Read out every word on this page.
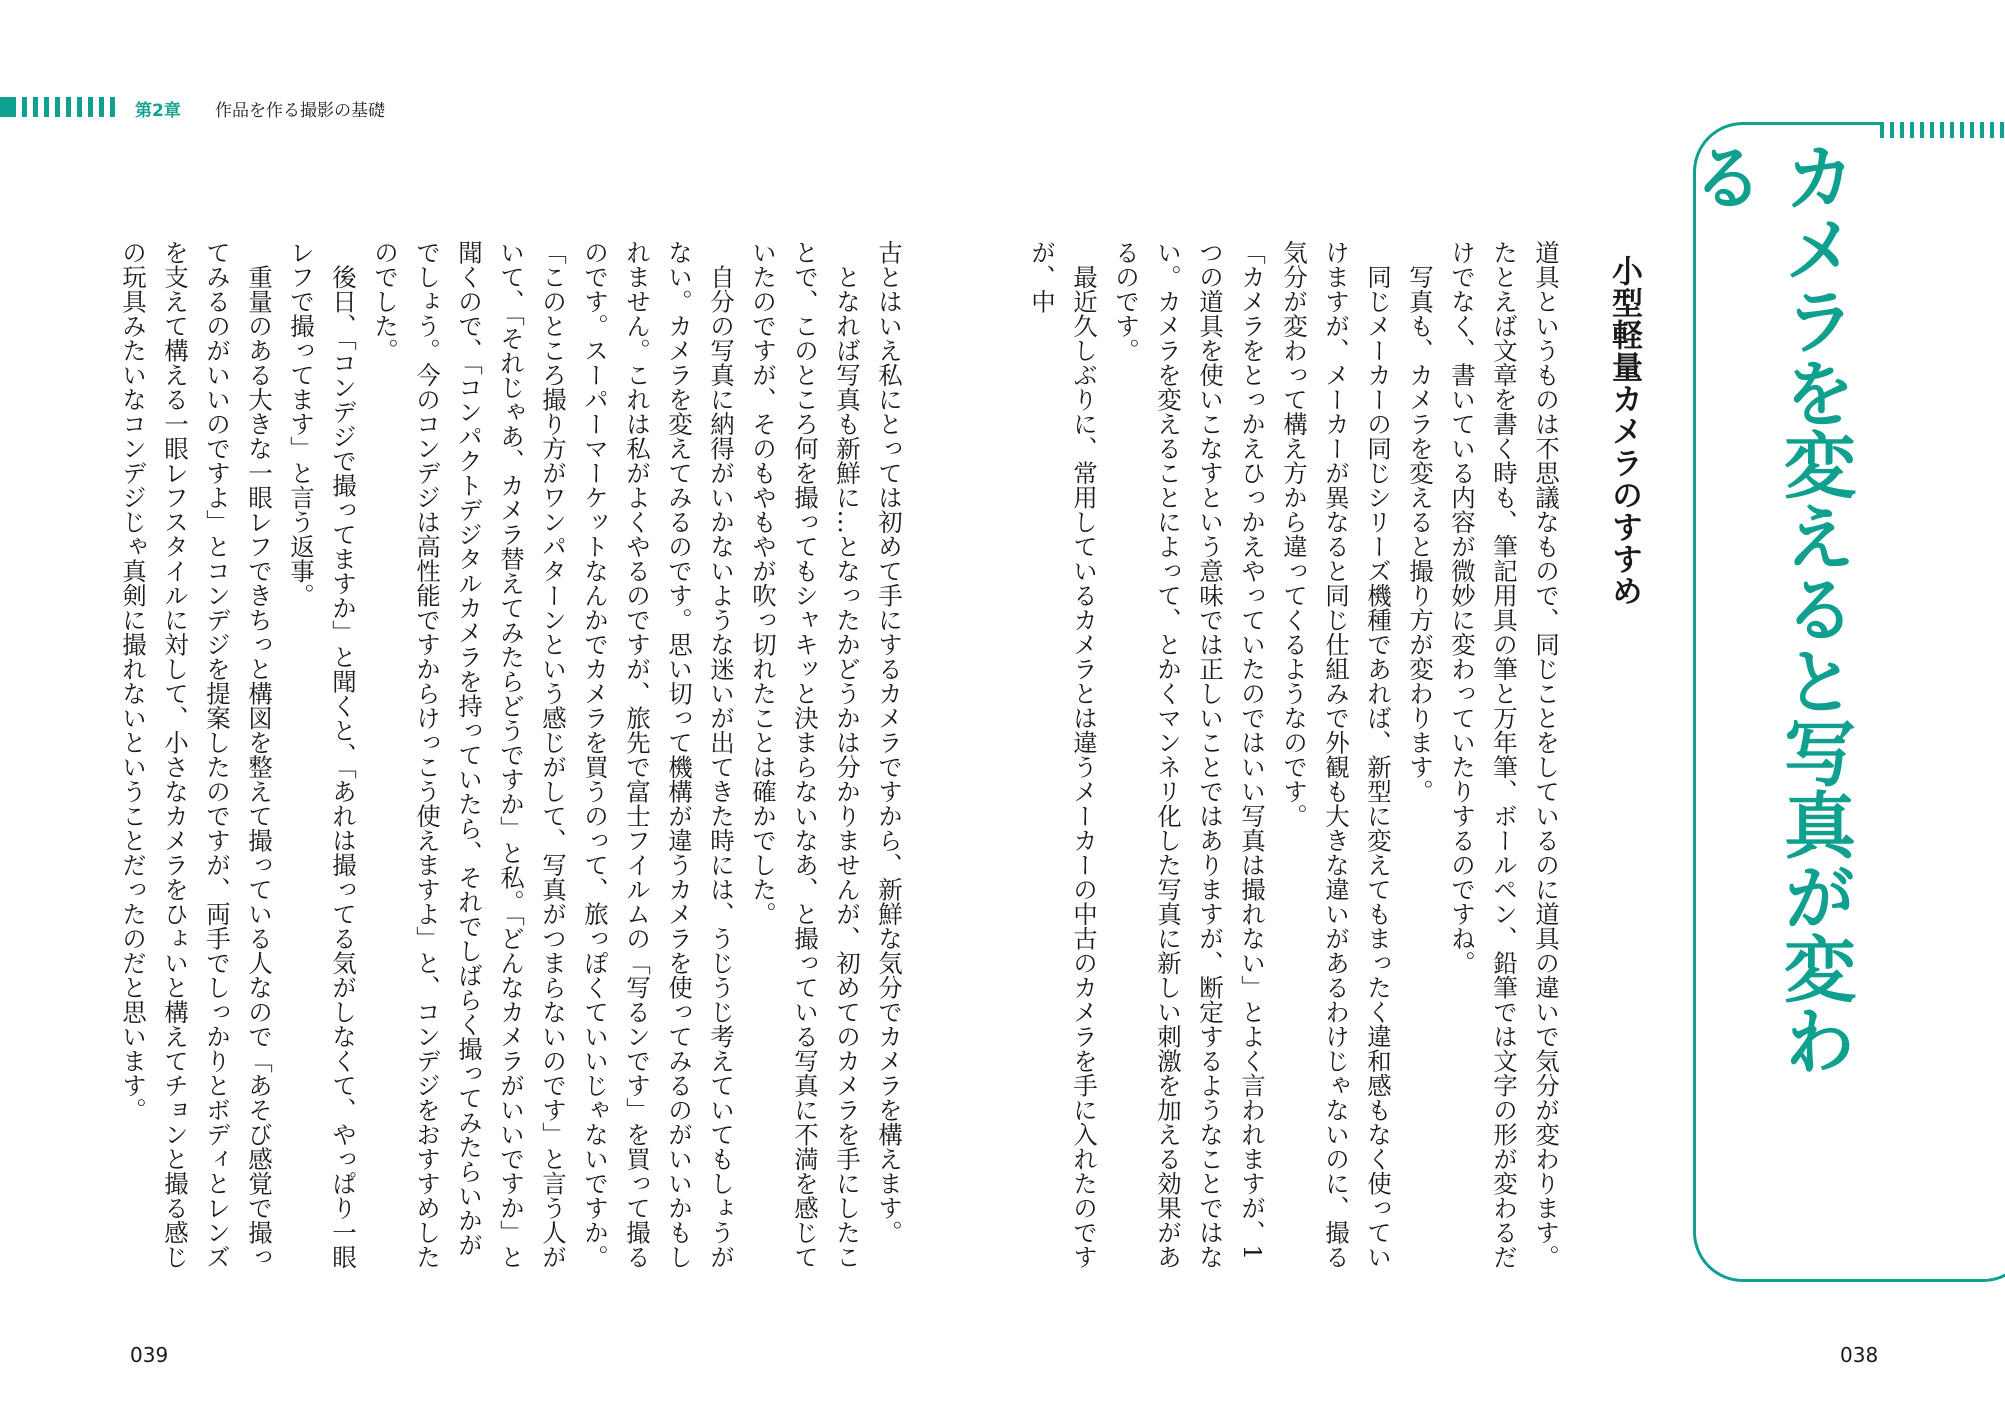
第2章 作品を作る撮影の基礎
カメラを変えると写真が変わる
小型軽量カメラのすすめ

道具というものは不思議なもので、同じことをしているのに道具の違いで気分が変わります。たとえば文章を書く時も、筆記用具の筆と万年筆、ボールペン、鉛筆では文字の形が変わるだけでなく、書いている内容が微妙に変わっていたりするのですね。

　写真も、カメラを変えると撮り方が変わります。

　同じメーカーの同じシリーズ機種であれば、新型に変えてもまったく違和感もなく使っていけますが、メーカーが異なると同じ仕組みで外観も大きな違いがあるわけじゃないのに、撮る気分が変わって構え方から違ってくるようなのです。

「カメラをとっかえひっかえやっていたのではいい写真は撮れない」とよく言われますが、1つの道具を使いこなすという意味では正しいことではありますが、断定するようなことではない。カメラを変えることによって、とかくマンネリ化した写真に新しい刺激を加える効果があるのです。

　最近久しぶりに、常用しているカメラとは違うメーカーの中古のカメラを手に入れたのですが、中

古とはいえ私にとっては初めて手にするカメラですから、新鮮な気分でカメラを構えます。

　となれば写真も新鮮に…となったかどうかは分かりませんが、初めてのカメラを手にしたことで、このところ何を撮ってもシャキッと決まらないなあ、と撮っている写真に不満を感じていたのですが、そのもやもやが吹っ切れたことは確かでした。

　自分の写真に納得がいかないような迷いが出てきた時には、うじうじ考えていてもしょうがない。カメラを変えてみるのです。思い切って機構が違うカメラを使ってみるのがいいかもしれません。これは私がよくやるのですが、旅先で富士フイルムの「写るンです」を買って撮るのです。スーパーマーケットなんかでカメラを買うのって、旅っぽくていいじゃないですか。

「このところ撮り方がワンパターンという感じがして、写真がつまらないのです」と言う人がいて、「それじゃあ、カメラ替えてみたらどうですか」と私。「どんなカメラがいいですか」と聞くので、「コンパクトデジタルカメラを持っていたら、それでしばらく撮ってみたらいかがでしょう。今のコンデジは高性能ですからけっこう使えますよ」と、コンデジをおすすめしたのでした。

　後日、「コンデジで撮ってますか」と聞くと、「あれは撮ってる気がしなくて、やっぱり一眼レフで撮ってます」と言う返事。

　重量のある大きな一眼レフできちっと構図を整えて撮っている人なので「あそび感覚で撮ってみるのがいいのですよ」とコンデジを提案したのですが、両手でしっかりとボディとレンズを支えて構える一眼レフスタイルに対して、小さなカメラをひょいと構えてチョンと撮る感じの玩具みたいなコンデジじゃ真剣に撮れないということだったのだと思います。

039	038
